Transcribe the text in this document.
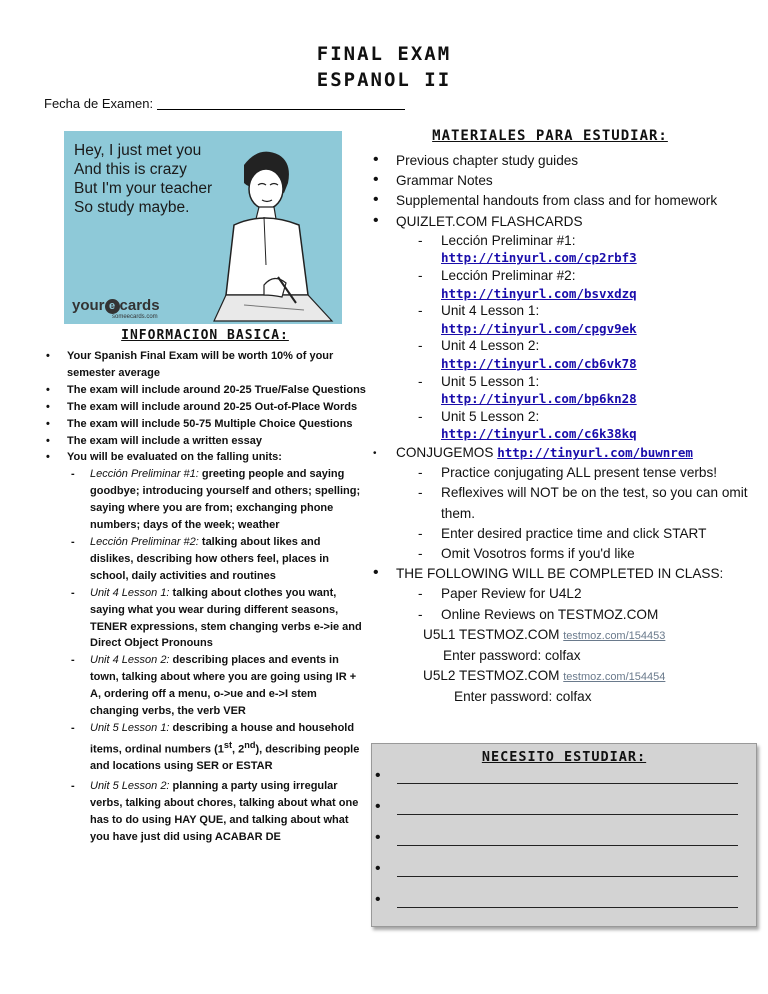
FINAL EXAM
ESPANOL II
Fecha de Examen:
Hey, I just met you
And this is crazy
But I'm your teacher
So study maybe.
your e cards
someecards.com
INFORMACION BASICA:
• Your Spanish Final Exam will be worth 10% of your semester average
• The exam will include around 20-25 True/False Questions
• The exam will include around 20-25 Out-of-Place Words
• The exam will include 50-75 Multiple Choice Questions
• The exam will include a written essay
• You will be evaluated on the falling units:
- Lección Preliminar #1: greeting people and saying goodbye; introducing yourself and others; spelling; saying where you are from; exchanging phone numbers; days of the week; weather
- Lección Preliminar #2: talking about likes and dislikes, describing how others feel, places in school, daily activities and routines
- Unit 4 Lesson 1: talking about clothes you want, saying what you wear during different seasons, TENER expressions, stem changing verbs e->ie and Direct Object Pronouns
- Unit 4 Lesson 2: describing places and events in town, talking about where you are going using IR + A, ordering off a menu, o->ue and e->I stem changing verbs, the verb VER
- Unit 5 Lesson 1: describing a house and household items, ordinal numbers (1st, 2nd), describing people and locations using SER or ESTAR
- Unit 5 Lesson 2: planning a party using irregular verbs, talking about chores, talking about what one has to do using HAY QUE, and talking about what you have just did using ACABAR DE
MATERIALES PARA ESTUDIAR:
• Previous chapter study guides
• Grammar Notes
• Supplemental handouts from class and for homework
• QUIZLET.COM FLASHCARDS
- Lección Preliminar #1:
http://tinyurl.com/cp2rbf3
- Lección Preliminar #2:
http://tinyurl.com/bsvxdzq
- Unit 4 Lesson 1:
http://tinyurl.com/cpgv9ek
- Unit 4 Lesson 2:
http://tinyurl.com/cb6vk78
- Unit 5 Lesson 1:
http://tinyurl.com/bp6kn28
- Unit 5 Lesson 2:
http://tinyurl.com/c6k38kq
• CONJUGEMOS http://tinyurl.com/buwnrem
- Practice conjugating ALL present tense verbs!
- Reflexives will NOT be on the test, so you can omit them.
- Enter desired practice time and click START
- Omit Vosotros forms if you'd like
• THE FOLLOWING WILL BE COMPLETED IN CLASS:
- Paper Review for U4L2
- Online Reviews on TESTMOZ.COM
U5L1 TESTMOZ.COM testmoz.com/154453
Enter password: colfax
U5L2 TESTMOZ.COM testmoz.com/154454
Enter password: colfax
NECESITO ESTUDIAR:
•
•
•
•
•
